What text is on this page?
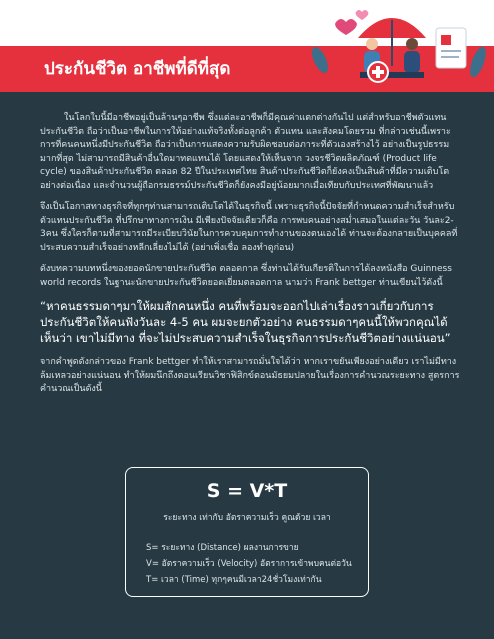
ประกันชีวิต อาชีพที่ดีที่สุด

ในโลกใบนี้มีอาชีพอยู่เป็นล้านๆอาชีพ ซึ่งแต่ละอาชีพก็มีคุณค่าแตกต่างกันไป แต่สำหรับอาชีพตัวแทนประกันชีวิต ถือว่าเป็นอาชีพในการให้อย่างแท้จริงทั้งต่อลูกค้า ตัวแทน และสังคมโดยรวม ที่กล่าวเช่นนี้เพราะการที่คนคนหนึ่งมีประกันชีวิต ถือว่าเป็นการแสดงความรับผิดชอบต่อภาระที่ตัวเองสร้างไว้ อย่างเป็นรูปธรรมมากที่สุด ไม่สามารถมีสินค้าอื่นใดมาทดแทนได้ โดยแสดงให้เห็นจาก วงจรชีวิตผลิตภัณฑ์ (Product life cycle) ของสินค้าประกันชีวิต ตลอด 82 ปีในประเทศไทย สินค้าประกันชีวิตก็ยังคงเป็นสินค้าที่มีความเติบโตอย่างต่อเนื่อง และจำนวนผู้ถือกรมธรรม์ประกันชีวิตก็ยังคงมีอยู่น้อยมากเมื่อเทียบกับประเทศที่พัฒนาแล้ว

จึงเป็นโอกาสทางธุรกิจที่ทุกๆท่านสามารถเติบโตได้ในธุรกิจนี้ เพราะธุรกิจนี้ปัจจัยที่กำหนดความสำเร็จสำหรับตัวแทนประกันชีวิต ที่ปรึกษาทางการเงิน มีเพียงปัจจัยเดียวก็คือ การพบคนอย่างสม่ำเสมอในแต่ละวัน วันละ2-3คน ซึ่งใครก็ตามที่สามารถมีระเบียบวินัยในการควบคุมการทำงานของตนเองได้ ท่านจะต้องกลายเป็นบุคคลที่ประสบความสำเร็จอย่างหลีกเลี่ยงไม่ได้ (อย่าเพิ่งเชื่อ ลองทำดูก่อน)

ดังบทความบทหนึ่งของยอดนักขายประกันชีวิต ตลอดกาล ซึ่งท่านได้รับเกียรติในการได้ลงหนังสือ Guinness world records ในฐานะนักขายประกันชีวิตยอดเยี่ยมตลอดกาล นามว่า Frank bettger ท่านเขียนไว้ดังนี้

“หาคนธรรมดาๆมาให้ผมสักคนหนึ่ง คนที่พร้อมจะออกไปเล่าเรื่องราวเกี่ยวกับการประกันชีวิตให้คนฟังวันละ 4-5 คน ผมจะยกตัวอย่าง คนธรรมดาๆคนนี้ให้พวกคุณได้เห็นว่า เขาไม่มีทาง ที่จะไม่ประสบความสำเร็จในธุรกิจการประกันชีวิตอย่างแน่นอน”

จากคำพูดดังกล่าวของ Frank bettger ทำให้เราสามารถมั่นใจได้ว่า หากเราขยันเพียงอย่างเดียว เราไม่มีทางล้มเหลวอย่างแน่นอน ทำให้ผมนึกถึงตอนเรียนวิชาฟิสิกข์ตอนมัธยมปลายในเรื่องการคำนวณระยะทาง สูตรการคำนวณเป็นดังนี้

S = V*T
ระยะทาง เท่ากับ อัตราความเร็ว คูณด้วย เวลา
S= ระยะทาง (Distance) ผลงานการขาย
V= อัตราความเร็ว (Velocity) อัตราการเข้าพบคนต่อวัน
T= เวลา (Time) ทุกๆคนมีเวลา24ชั่วโมงเท่ากัน
